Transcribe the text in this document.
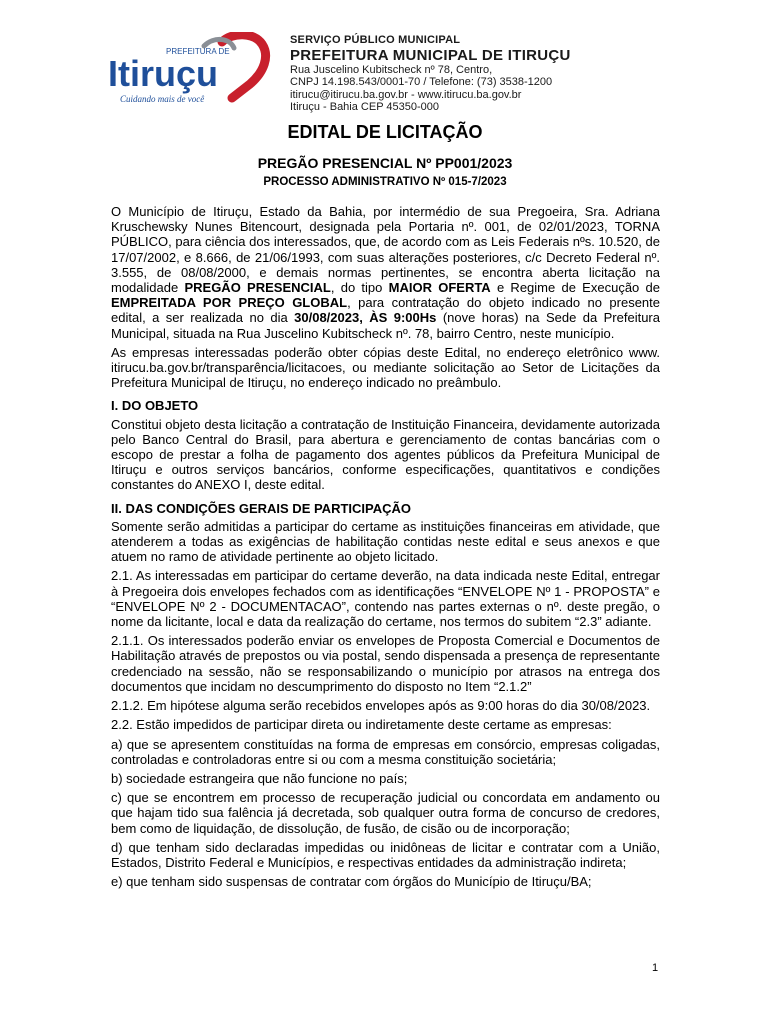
PREFEITURA DE
Itiruçu
Cuidando mais de você
SERVIÇO PÚBLICO MUNICIPAL
PREFEITURA MUNICIPAL DE ITIRUÇU
Rua Juscelino Kubitscheck nº 78, Centro,
CNPJ 14.198.543/0001-70 / Telefone: (73) 3538-1200
itirucu@itirucu.ba.gov.br - www.itirucu.ba.gov.br
Itiruçu - Bahia CEP 45350-000
EDITAL DE LICITAÇÃO
PREGÃO PRESENCIAL Nº PP001/2023
PROCESSO ADMINISTRATIVO Nº 015-7/2023

O Município de Itiruçu, Estado da Bahia, por intermédio de sua Pregoeira, Sra. Adriana Kruschewsky Nunes Bitencourt, designada pela Portaria nº. 001, de 02/01/2023, TORNA PÚBLICO, para ciência dos interessados, que, de acordo com as Leis Federais nºs. 10.520, de 17/07/2002, e 8.666, de 21/06/1993, com suas alterações posteriores, c/c Decreto Federal nº. 3.555, de 08/08/2000, e demais normas pertinentes, se encontra aberta licitação na modalidade PREGÃO PRESENCIAL, do tipo MAIOR OFERTA e Regime de Execução de EMPREITADA POR PREÇO GLOBAL, para contratação do objeto indicado no presente edital, a ser realizada no dia 30/08/2023, ÀS 9:00Hs (nove horas) na Sede da Prefeitura Municipal, situada na Rua Juscelino Kubitscheck nº. 78, bairro Centro, neste município.

As empresas interessadas poderão obter cópias deste Edital, no endereço eletrônico www. itirucu.ba.gov.br/transparência/licitacoes, ou mediante solicitação ao Setor de Licitações da Prefeitura Municipal de Itiruçu, no endereço indicado no preâmbulo.

I. DO OBJETO

Constitui objeto desta licitação a contratação de Instituição Financeira, devidamente autorizada pelo Banco Central do Brasil, para abertura e gerenciamento de contas bancárias com o escopo de prestar a folha de pagamento dos agentes públicos da Prefeitura Municipal de Itiruçu e outros serviços bancários, conforme especificações, quantitativos e condições constantes do ANEXO I, deste edital.

II. DAS CONDIÇÕES GERAIS DE PARTICIPAÇÃO

Somente serão admitidas a participar do certame as instituições financeiras em atividade, que atenderem a todas as exigências de habilitação contidas neste edital e seus anexos e que atuem no ramo de atividade pertinente ao objeto licitado.

2.1. As interessadas em participar do certame deverão, na data indicada neste Edital, entregar à Pregoeira dois envelopes fechados com as identificações “ENVELOPE Nº 1 - PROPOSTA” e “ENVELOPE Nº 2 - DOCUMENTACAO”, contendo nas partes externas o nº. deste pregão, o nome da licitante, local e data da realização do certame, nos termos do subitem “2.3” adiante.

2.1.1. Os interessados poderão enviar os envelopes de Proposta Comercial e Documentos de Habilitação através de prepostos ou via postal, sendo dispensada a presença de representante credenciado na sessão, não se responsabilizando o município por atrasos na entrega dos documentos que incidam no descumprimento do disposto no Item “2.1.2”

2.1.2. Em hipótese alguma serão recebidos envelopes após as 9:00 horas do dia 30/08/2023.

2.2. Estão impedidos de participar direta ou indiretamente deste certame as empresas:

a) que se apresentem constituídas na forma de empresas em consórcio, empresas coligadas, controladas e controladoras entre si ou com a mesma constituição societária;

b) sociedade estrangeira que não funcione no país;

c) que se encontrem em processo de recuperação judicial ou concordata em andamento ou que hajam tido sua falência já decretada, sob qualquer outra forma de concurso de credores, bem como de liquidação, de dissolução, de fusão, de cisão ou de incorporação;

d) que tenham sido declaradas impedidas ou inidôneas de licitar e contratar com a União, Estados, Distrito Federal e Municípios, e respectivas entidades da administração indireta;

e) que tenham sido suspensas de contratar com órgãos do Município de Itiruçu/BA;

1
